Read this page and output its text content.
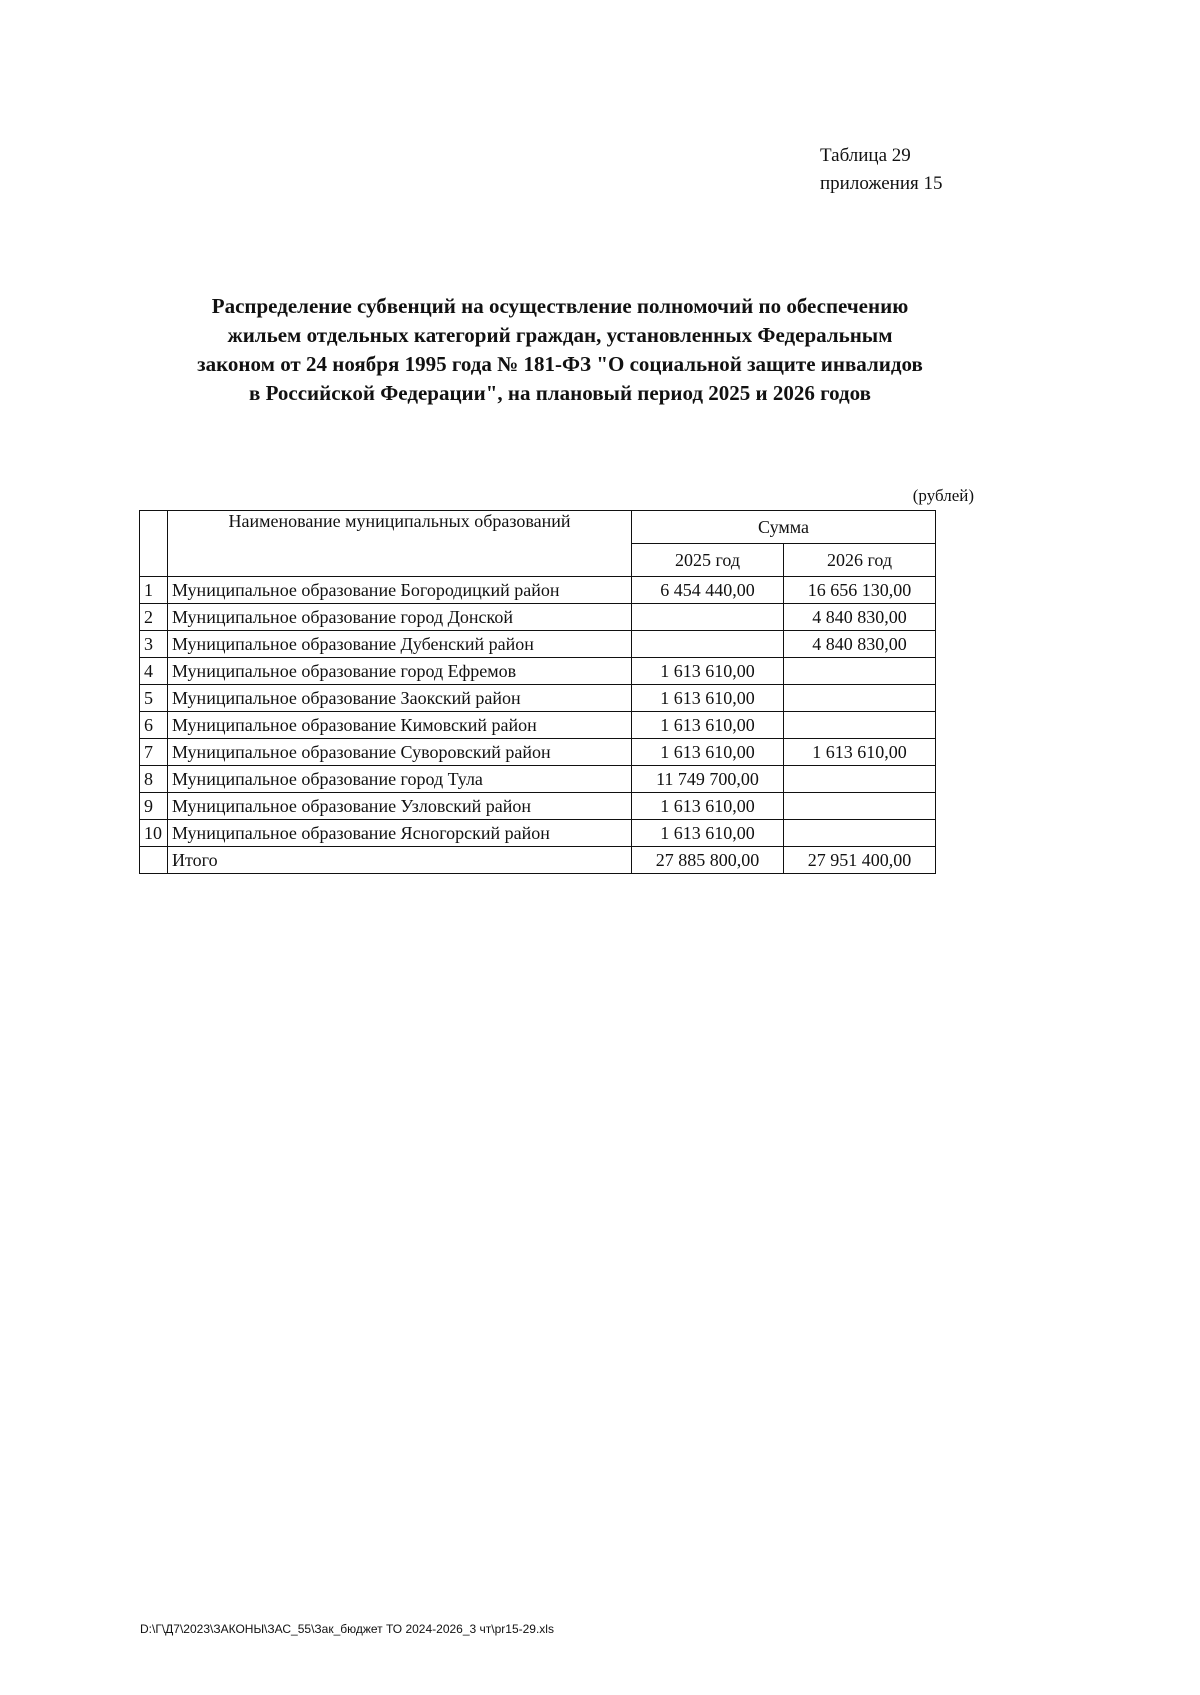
Таблица 29
приложения 15
Распределение субвенций на осуществление полномочий по обеспечению
жильем отдельных категорий граждан, установленных Федеральным
законом от 24 ноября 1995 года № 181-ФЗ "О социальной защите инвалидов
в Российской Федерации", на плановый период 2025 и 2026 годов
(рублей)
	Наименование муниципальных образований	Сумма	
		2025 год	2026 год
1	Муниципальное образование Богородицкий район	6 454 440,00	16 656 130,00
2	Муниципальное образование город Донской		4 840 830,00
3	Муниципальное образование Дубенский район		4 840 830,00
4	Муниципальное образование город Ефремов	1 613 610,00	
5	Муниципальное образование Заокский район	1 613 610,00	
6	Муниципальное образование Кимовский район	1 613 610,00	
7	Муниципальное образование Суворовский район	1 613 610,00	1 613 610,00
8	Муниципальное образование город Тула	11 749 700,00	
9	Муниципальное образование Узловский район	1 613 610,00	
10	Муниципальное образование Ясногорский район	1 613 610,00	
	Итого	27 885 800,00	27 951 400,00
D:\Г\Д7\2023\ЗАКОНЫ\ЗАС_55\Зак_бюджет ТО 2024-2026_3 чт\pr15-29.xls
